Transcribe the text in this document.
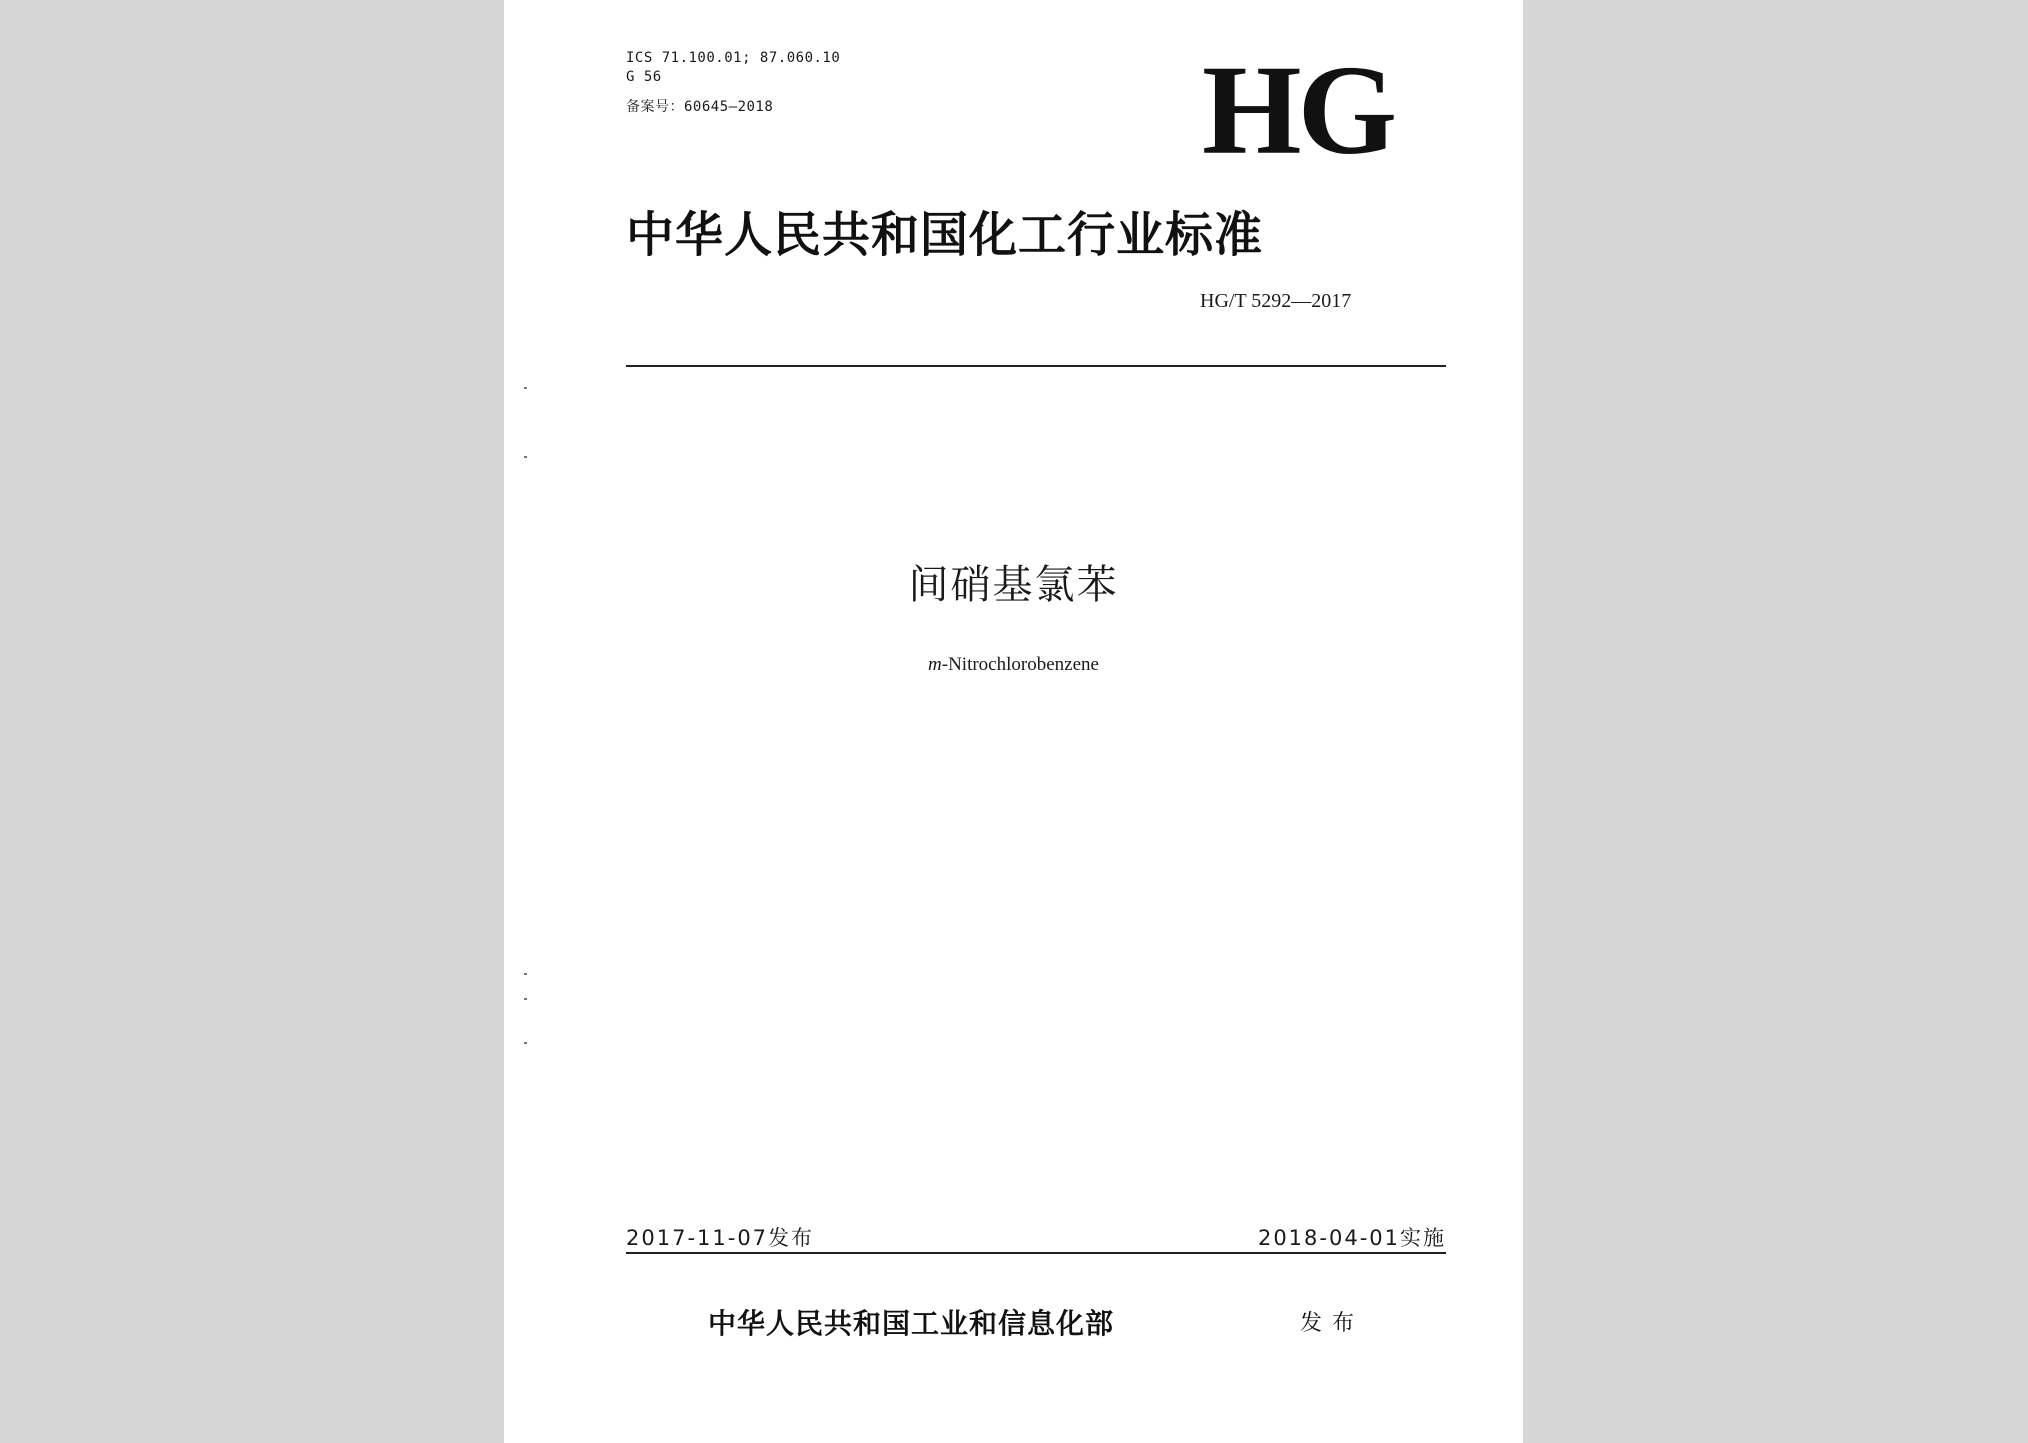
ICS 71.100.01; 87.060.10
G 56
备案号：60645—2018	HG
中华人民共和国化工行业标准
HG/T 5292—2017
间硝基氯苯
m-Nitrochlorobenzene
2017-11-07发布	2018-04-01实施
中华人民共和国工业和信息化部	发布
